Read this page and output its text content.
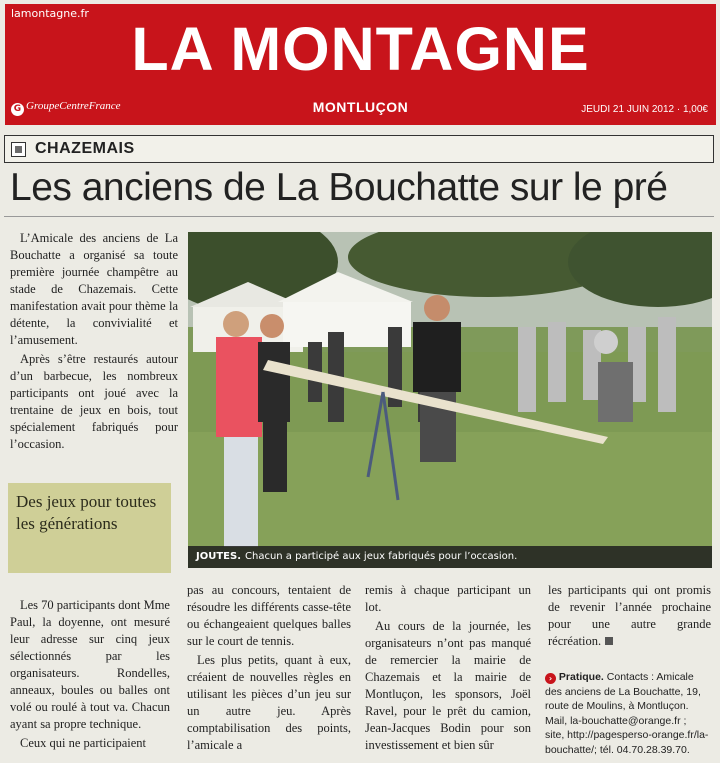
lamontagne.fr
LA MONTAGNE
G GroupeCentreFrance	MONTLUÇON	JEUDI 21 JUIN 2012 · 1,00€
CHAZEMAIS
Les anciens de La Bouchatte sur le pré

L’Amicale des anciens de La Bouchatte a organisé sa toute première journée champêtre au stade de Chazemais. Cette manifestation avait pour thème la détente, la convivialité et l’amusement.

Après s’être restaurés autour d’un barbecue, les nombreux participants ont joué avec la trentaine de jeux en bois, tout spécialement fabriqués pour l’occasion.

Des jeux pour toutes les générations
JOUTES. Chacun a participé aux jeux fabriqués pour l’occasion.

Les 70 participants dont Mme Paul, la doyenne, ont mesuré leur adresse sur cinq jeux sélectionnés par les organisateurs. Rondelles, anneaux, boules ou balles ont volé ou roulé à tout va. Chacun ayant sa propre technique.

Ceux qui ne participaient

pas au concours, tentaient de résoudre les différents casse-tête ou échangeaient quelques balles sur le court de tennis.

Les plus petits, quant à eux, créaient de nouvelles règles en utilisant les pièces d’un jeu sur un autre jeu. Après comptabilisation des points, l’amicale a

remis à chaque participant un lot.

Au cours de la journée, les organisateurs n’ont pas manqué de remercier la mairie de Chazemais et la mairie de Montluçon, les sponsors, Joël Ravel, pour le prêt du camion, Jean-Jacques Bodin pour son investissement et bien sûr

les participants qui ont promis de revenir l’année prochaine pour une autre grande récréation.

› Pratique. Contacts : Amicale des anciens de La Bouchatte, 19, route de Moulins, à Montluçon. Mail, la-bouchatte@orange.fr ;
site, http://pagesperso-orange.fr/la-bouchatte/; tél. 04.70.28.39.70.
